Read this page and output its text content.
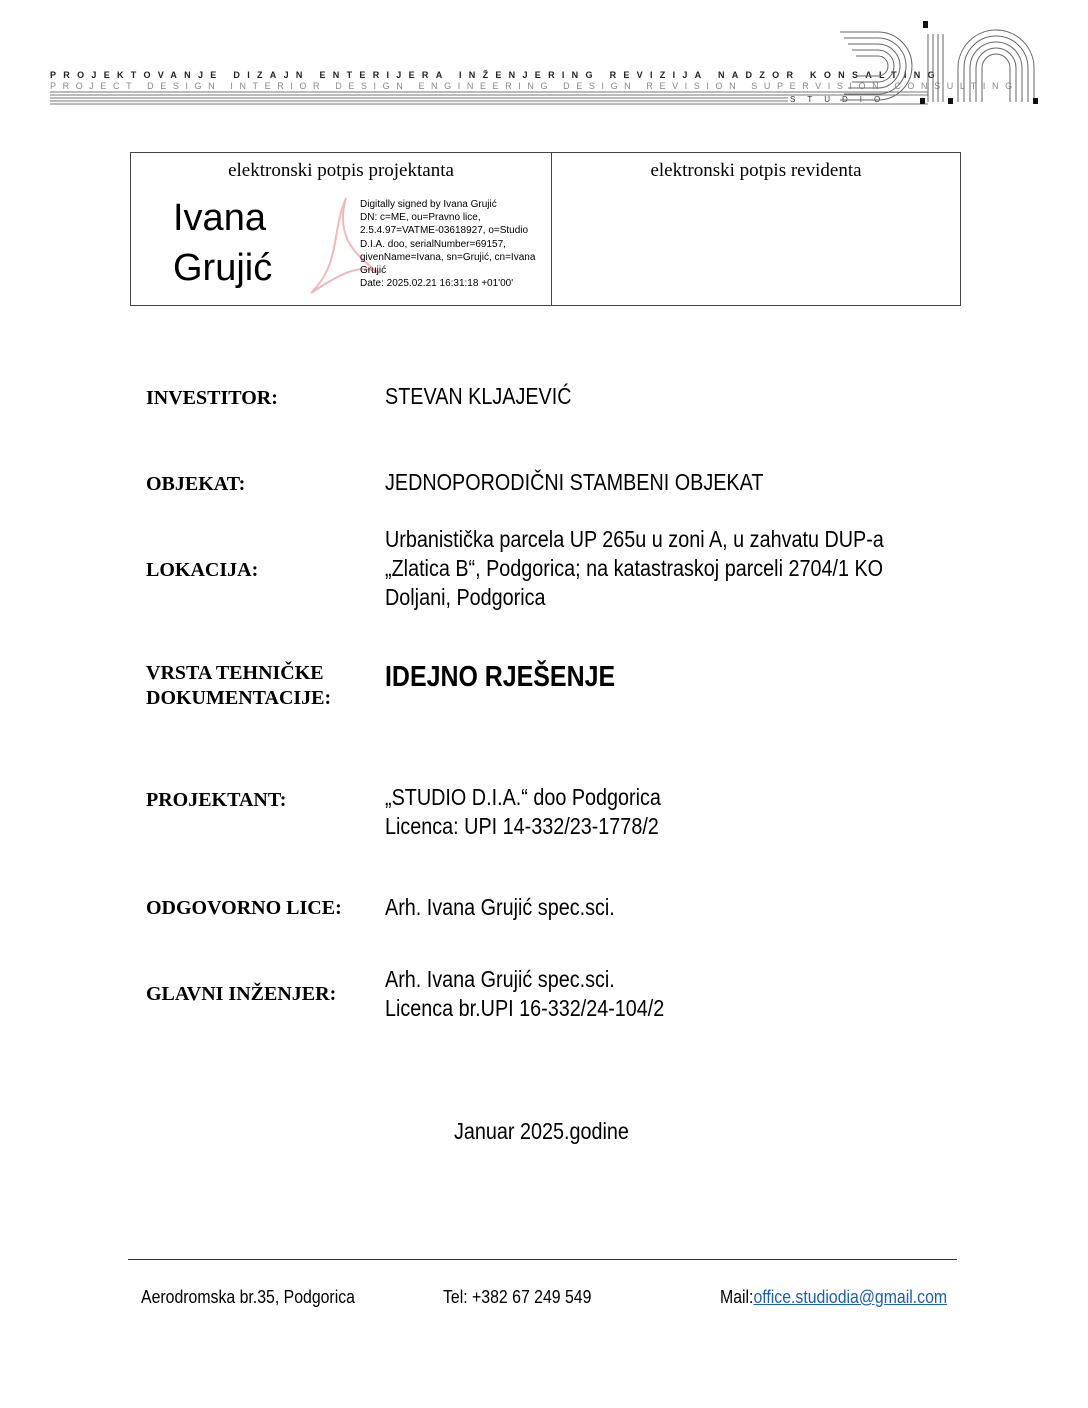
PROJEKTOVANJE DIZAJN ENTERIJERA INŽENJERING REVIZIJA NADZOR KONSALTING
PROJECT DESIGN INTERIOR DESIGN ENGINEERING DESIGN REVISION SUPERVISION CONSULTING
STUDIO
elektronski potpis projektanta
Ivana
Grujić
Digitally signed by Ivana Grujić
DN: c=ME, ou=Pravno lice,
2.5.4.97=VATME-03618927, o=Studio
D.I.A. doo, serialNumber=69157,
givenName=Ivana, sn=Grujić, cn=Ivana
Grujić
Date: 2025.02.21 16:31:18 +01'00'
elektronski potpis revidenta
INVESTITOR:	STEVAN KLJAJEVIĆ
OBJEKAT:	JEDNOPORODIČNI STAMBENI OBJEKAT
LOKACIJA:
Urbanistička parcela UP 265u u zoni A, u zahvatu DUP-a
„Zlatica B“, Podgorica; na katastraskoj parceli 2704/1 KO
Doljani, Podgorica
VRSTA TEHNIČKE
DOKUMENTACIJE:
IDEJNO RJEŠENJE
PROJEKTANT:	„STUDIO D.I.A.“ doo Podgorica
Licenca: UPI 14-332/23-1778/2
ODGOVORNO LICE: Arh. Ivana Grujić spec.sci.
GLAVNI INŽENJER:
Arh. Ivana Grujić spec.sci.
Licenca br.UPI 16-332/24-104/2
Januar 2025.godine
Aerodromska br.35, Podgorica	Tel: +382 67 249 549	Mail:office.studiodia@gmail.com
